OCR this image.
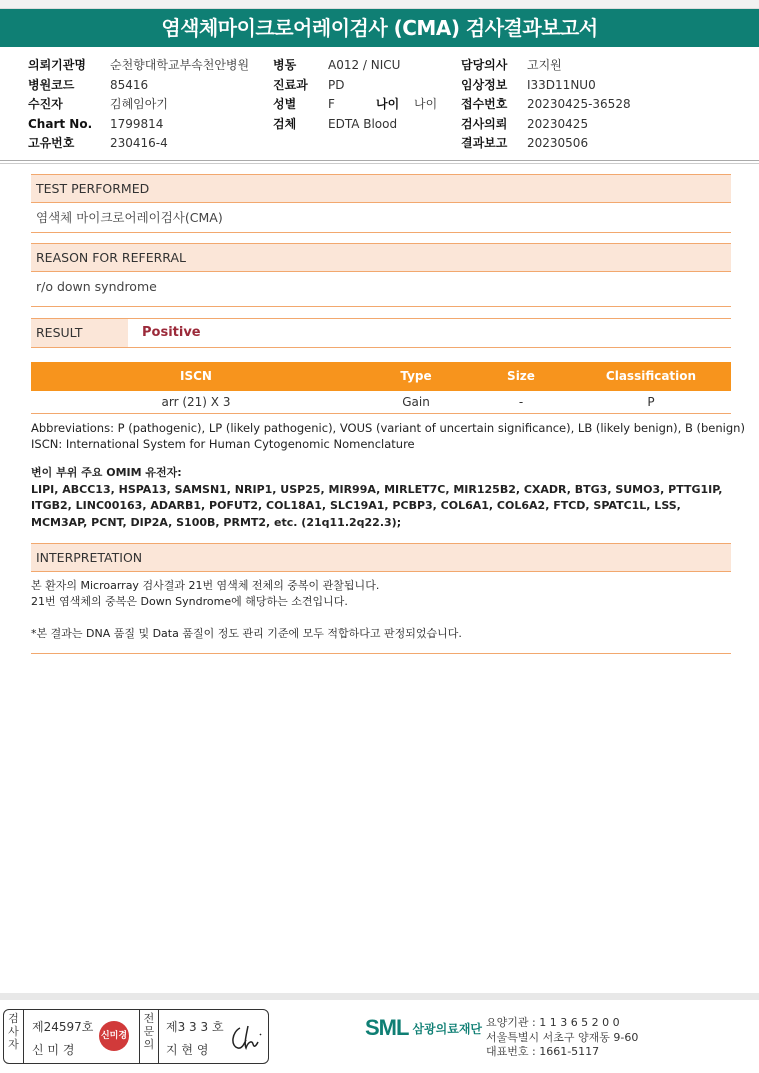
염색체마이크로어레이검사 (CMA) 검사결과보고서
의뢰기관명	순천향대학교부속천안병원
병원코드	85416
수진자	김혜임아기
Chart No.	1799814
고유번호	230416-4
병동	A012 / NICU
진료과	PD
성별	F	나이	나이
검체	EDTA Blood
담당의사	고지원
임상정보	I33D11NU0
접수번호	20230425-36528
검사의뢰	20230425
결과보고	20230506
TEST PERFORMED
염색체 마이크로어레이검사(CMA)
REASON FOR REFERRAL
r/o down syndrome
RESULT	Positive
ISCN	Type	Size	Classification
arr (21) X 3	Gain	-	P

Abbreviations: P (pathogenic), LP (likely pathogenic), VOUS (variant of uncertain significance), LB (likely benign), B (benign)

ISCN: International System for Human Cytogenomic Nomenclature

변이 부위 주요 OMIM 유전자:

LIPI, ABCC13, HSPA13, SAMSN1, NRIP1, USP25, MIR99A, MIRLET7C, MIR125B2, CXADR, BTG3, SUMO3, PTTG1IP, ITGB2, LINC00163, ADARB1, POFUT2, COL18A1, SLC19A1, PCBP3, COL6A1, COL6A2, FTCD, SPATC1L, LSS, MCM3AP, PCNT, DIP2A, S100B, PRMT2, etc. (21q11.2q22.3);

INTERPRETATION

본 환자의 Microarray 검사결과 21번 염색체 전체의 중복이 관찰됩니다.

21번 염색체의 중복은 Down Syndrome에 해당하는 소견입니다.

*본 결과는 DNA 품질 및 Data 품질이 정도 관리 기준에 모두 적합하다고 판정되었습니다.
검사자
제24597호
신 미 경
신미경
전문의
제3 3 3 호
지 현 영
SML 삼광의료재단 요양기관 : 1 1 3 6 5 2 0 0

서울특별시 서초구 양재동 9-60

대표번호 : 1661-5117
